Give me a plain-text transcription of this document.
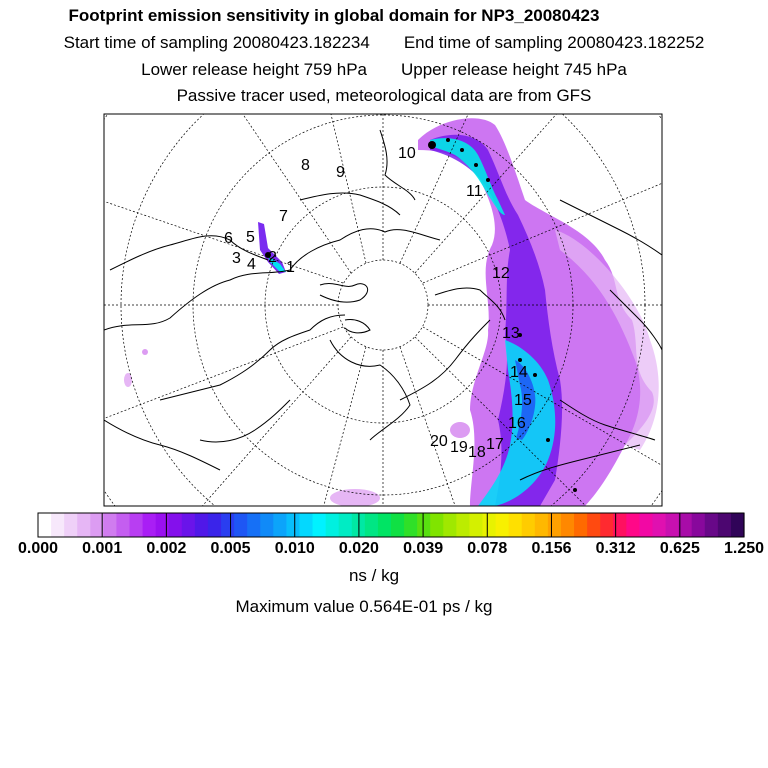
Footprint emission sensitivity in global domain for NP3_20080423
Start time of sampling 20080423.182234 End time of sampling 20080423.182252
Lower release height 759 hPa Upper release height 745 hPa
Passive tracer used, meteorological data are from GFS
1
2
3 4
5
6
7
8 9
10
11
12
13
14
15
16
17
18
19
20
0.000 0.001 0.002 0.005 0.010 0.020 0.039 0.078 0.156 0.312 0.625 1.250
ns / kg
Maximum value 0.564E-01 ps / kg
